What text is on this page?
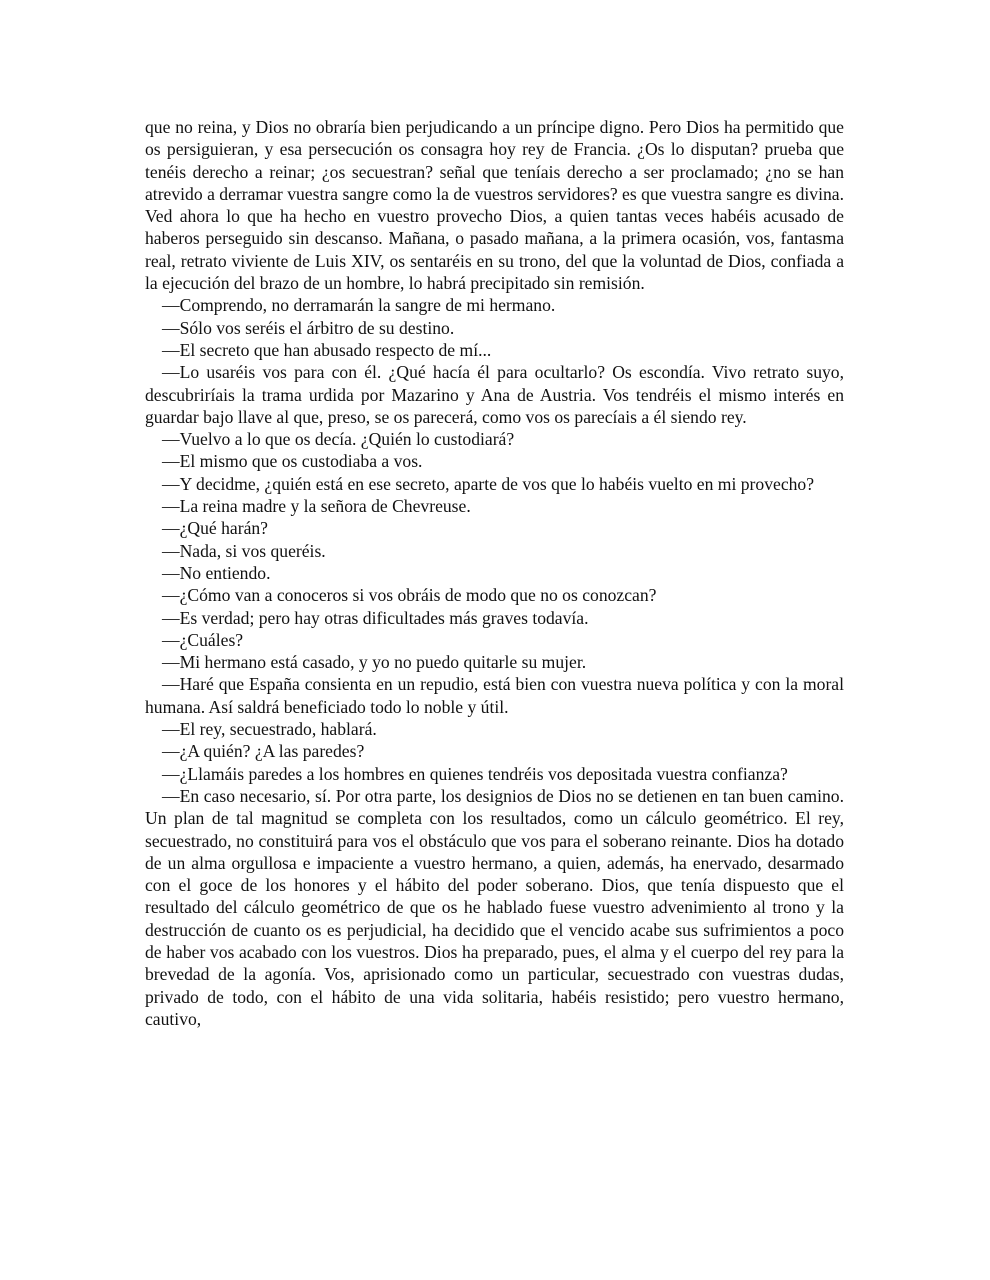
que no reina, y Dios no obraría bien perjudicando a un príncipe digno. Pero Dios ha permitido que os persiguieran, y esa persecución os consagra hoy rey de Francia. ¿Os lo disputan? prueba que tenéis derecho a reinar; ¿os secuestran? señal que teníais derecho a ser proclamado; ¿no se han atrevido a derramar vuestra sangre como la de vuestros servidores? es que vuestra sangre es divina. Ved ahora lo que ha hecho en vuestro provecho Dios, a quien tantas veces habéis acusado de haberos perseguido sin descanso. Mañana, o pasado mañana, a la primera ocasión, vos, fantasma real, retrato viviente de Luis XIV, os sentaréis en su trono, del que la voluntad de Dios, confiada a la ejecución del brazo de un hombre, lo habrá precipitado sin remisión.

—Comprendo, no derramarán la sangre de mi hermano.

—Sólo vos seréis el árbitro de su destino.

—El secreto que han abusado respecto de mí...

—Lo usaréis vos para con él. ¿Qué hacía él para ocultarlo? Os escondía. Vivo retrato suyo, descubriríais la trama urdida por Mazarino y Ana de Austria. Vos tendréis el mismo interés en guardar bajo llave al que, preso, se os parecerá, como vos os parecíais a él siendo rey.

—Vuelvo a lo que os decía. ¿Quién lo custodiará?

—El mismo que os custodiaba a vos.

—Y decidme, ¿quién está en ese secreto, aparte de vos que lo habéis vuelto en mi provecho?

—La reina madre y la señora de Chevreuse.

—¿Qué harán?

—Nada, si vos queréis.

—No entiendo.

—¿Cómo van a conoceros si vos obráis de modo que no os conozcan?

—Es verdad; pero hay otras dificultades más graves todavía.

—¿Cuáles?

—Mi hermano está casado, y yo no puedo quitarle su mujer.

—Haré que España consienta en un repudio, está bien con vuestra nueva política y con la moral humana. Así saldrá beneficiado todo lo noble y útil.

—El rey, secuestrado, hablará.

—¿A quién? ¿A las paredes?

—¿Llamáis paredes a los hombres en quienes tendréis vos depositada vuestra confianza?

—En caso necesario, sí. Por otra parte, los designios de Dios no se detienen en tan buen camino. Un plan de tal magnitud se completa con los resultados, como un cálculo geométrico. El rey, secuestrado, no constituirá para vos el obstáculo que vos para el soberano reinante. Dios ha dotado de un alma orgullosa e impaciente a vuestro hermano, a quien, además, ha enervado, desarmado con el goce de los honores y el hábito del poder soberano. Dios, que tenía dispuesto que el resultado del cálculo geométrico de que os he hablado fuese vuestro advenimiento al trono y la destrucción de cuanto os es perjudicial, ha decidido que el vencido acabe sus sufrimientos a poco de haber vos acabado con los vuestros. Dios ha preparado, pues, el alma y el cuerpo del rey para la brevedad de la agonía. Vos, aprisionado como un particular, secuestrado con vuestras dudas, privado de todo, con el hábito de una vida solitaria, habéis resistido; pero vuestro hermano, cautivo,
